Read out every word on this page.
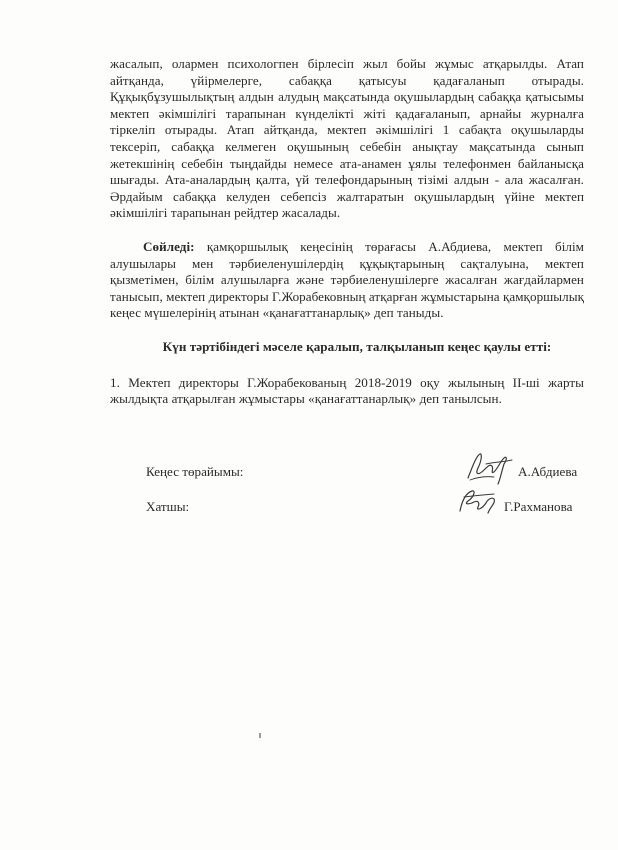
жасалып, олармен психологпен бірлесіп жыл бойы жұмыс атқарылды. Атап айтқанда, үйірмелерге, сабаққа қатысуы қадағаланып отырады. Құқықбұзушылықтың алдын алудың мақсатында оқушылардың сабаққа қатысымы мектеп әкімшілігі тарапынан күнделікті жіті қадағаланып, арнайы журналға тіркеліп отырады. Атап айтқанда, мектеп әкімшілігі 1 сабақта оқушыларды тексеріп, сабаққа келмеген оқушының себебін анықтау мақсатында сынып жетекшінің себебін тыңдайды немесе ата-анамен ұялы телефонмен байланысқа шығады. Ата-аналардың қалта, үй телефондарының тізімі алдын - ала жасалған. Әрдайым сабаққа келуден себепсіз жалтаратын оқушылардың үйіне мектеп әкімшілігі тарапынан рейдтер жасалады.

Сөйледі: қамқоршылық кеңесінің төрағасы А.Абдиева, мектеп білім алушылары мен тәрбиеленушілердің құқықтарының сақталуына, мектеп қызметімен, білім алушыларға және тәрбиеленушілерге жасалған жағдайлармен танысып, мектеп директоры Г.Жорабековның атқарған жұмыстарына қамқоршылық кеңес мүшелерінің атынан «қанағаттанарлық» деп таныды.

Күн тәртібіндегі мәселе қаралып, талқыланып кеңес қаулы етті:

1. Мектеп директоры Г.Жорабекованың 2018-2019 оқу жылының ІІ-ші жарты жылдықта атқарылған жұмыстары «қанағаттанарлық» деп танылсын.

Кеңес төрайымы:	А.Абдиева
Хатшы:	Г.Рахманова
